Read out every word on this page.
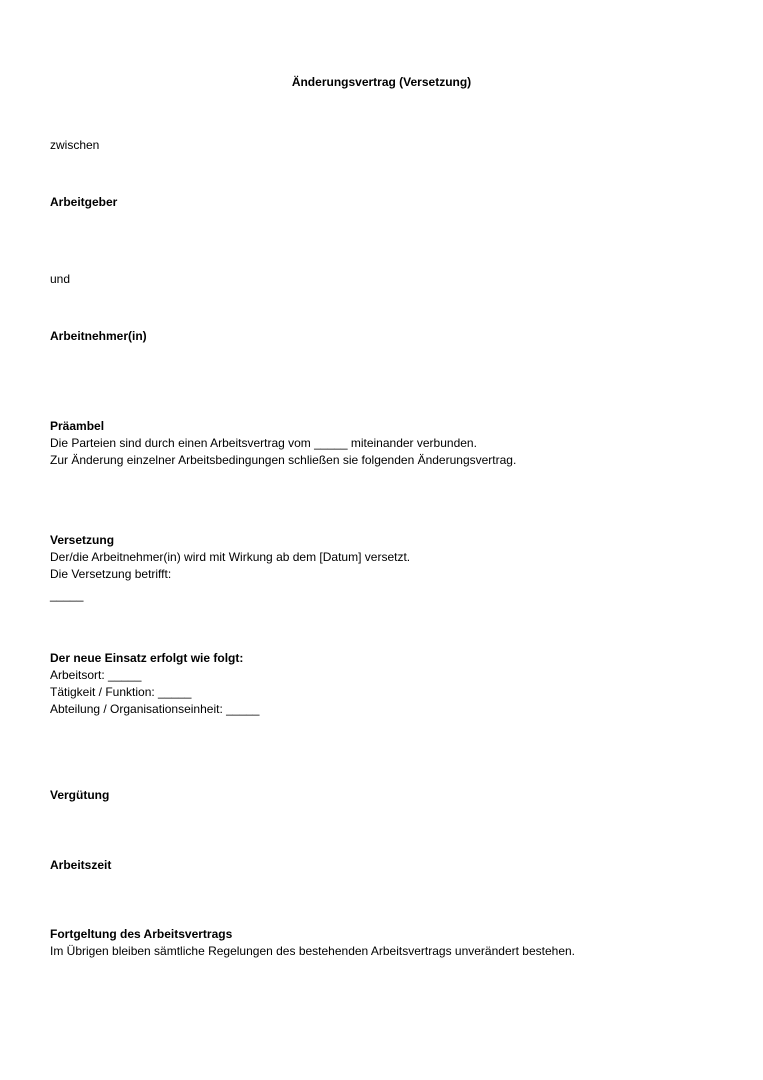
Änderungsvertrag (Versetzung)

zwischen

Arbeitgeber

und

Arbeitnehmer(in)

Präambel
Die Parteien sind durch einen Arbeitsvertrag vom _____ miteinander verbunden.
Zur Änderung einzelner Arbeitsbedingungen schließen sie folgenden Änderungsvertrag.
Versetzung
Der/die Arbeitnehmer(in) wird mit Wirkung ab dem [Datum] versetzt.
Die Versetzung betrifft:
_____
Der neue Einsatz erfolgt wie folgt:
Arbeitsort: _____
Tätigkeit / Funktion: _____
Abteilung / Organisationseinheit: _____

Vergütung

Arbeitszeit

Fortgeltung des Arbeitsvertrags
Im Übrigen bleiben sämtliche Regelungen des bestehenden Arbeitsvertrags unverändert bestehen.
